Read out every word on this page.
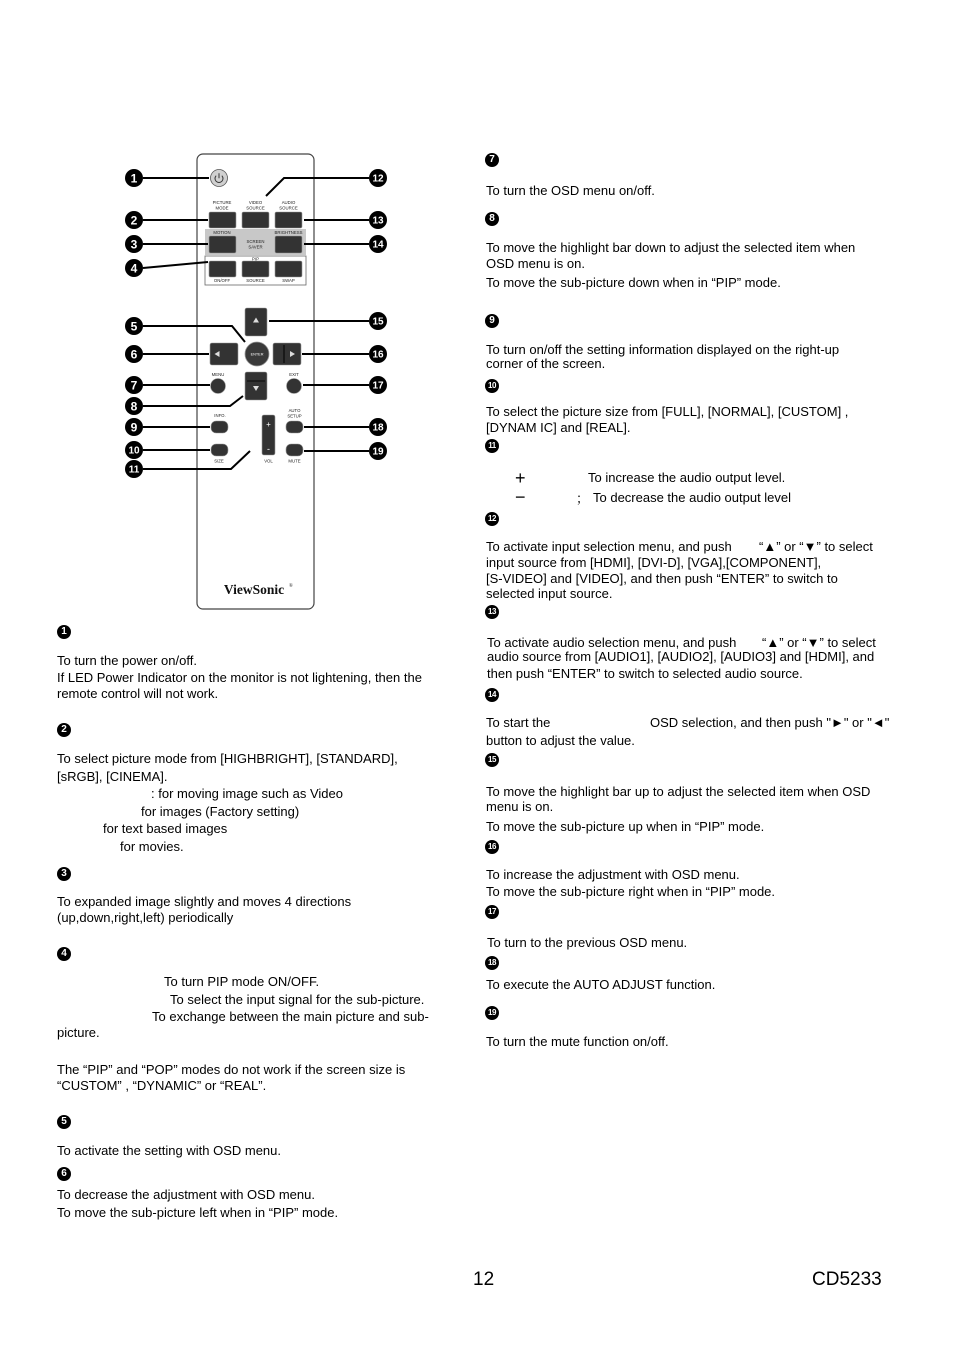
PICTURE
MODE
VIDEO
SOURCE
AUDIO
SOURCE
MOTION	BRIGHTNESS
SCREEN
SAVER
PIP
ON/OFF	SOURCE	SWAP
ENTER
MENU	EXIT
INFO.
AUTO
SETUP
+
-
VOL
SIZE	MUTE
ViewSonic ®
1
2
3
4
5
6
7
8
9
10
11
12
13
14
15
16
17
18
19
1
To turn the power on/off.
If LED Power Indicator on the monitor is not lightening, then the
remote control will not work.
2
To select picture mode from [HIGHBRIGHT], [STANDARD],
[sRGB], [CINEMA].
: for moving image such as Video
for images (Factory setting)
for text based images
for movies.
3
To expanded image slightly and moves 4 directions
(up,down,right,left) periodically
4
To turn PIP mode ON/OFF.
To select the input signal for the sub-picture.
To exchange between the main picture and sub-
picture.
The “PIP” and “POP” modes do not work if the screen size is
“CUSTOM” , “DYNAMIC” or “REAL”.
5
To activate the setting with OSD menu.
6
To decrease the adjustment with OSD menu.
To move the sub-picture left when in “PIP” mode.
7
To turn the OSD menu on/off.
8
To move the highlight bar down to adjust the selected item when
OSD menu is on.
To move the sub-picture down when in “PIP” mode.
9
To turn on/off the setting information displayed on the right-up
corner of the screen.
10
To select the picture size from [FULL], [NORMAL], [CUSTOM] ,
[DYNAM IC] and [REAL].
11
+	To increase the audio output level.
−	； To decrease the audio output level
12
To activate input selection menu, and push “▲” or “▼” to select
input source from [HDMI], [DVI-D], [VGA],[COMPONENT],
[S-VIDEO] and [VIDEO], and then push “ENTER” to switch to
selected input source.
13
To activate audio selection menu, and push “▲” or “▼” to select
audio source from [AUDIO1], [AUDIO2], [AUDIO3] and [HDMI], and
then push “ENTER” to switch to selected audio source.
14
To start the	OSD selection, and then push "►" or "◄"
button to adjust the value.
15
To move the highlight bar up to adjust the selected item when OSD
menu is on.
To move the sub-picture up when in “PIP” mode.
16
To increase the adjustment with OSD menu.
To move the sub-picture right when in “PIP” mode.
17
To turn to the previous OSD menu.
18
To execute the AUTO ADJUST function.
19
To turn the mute function on/off.
12	CD5233
